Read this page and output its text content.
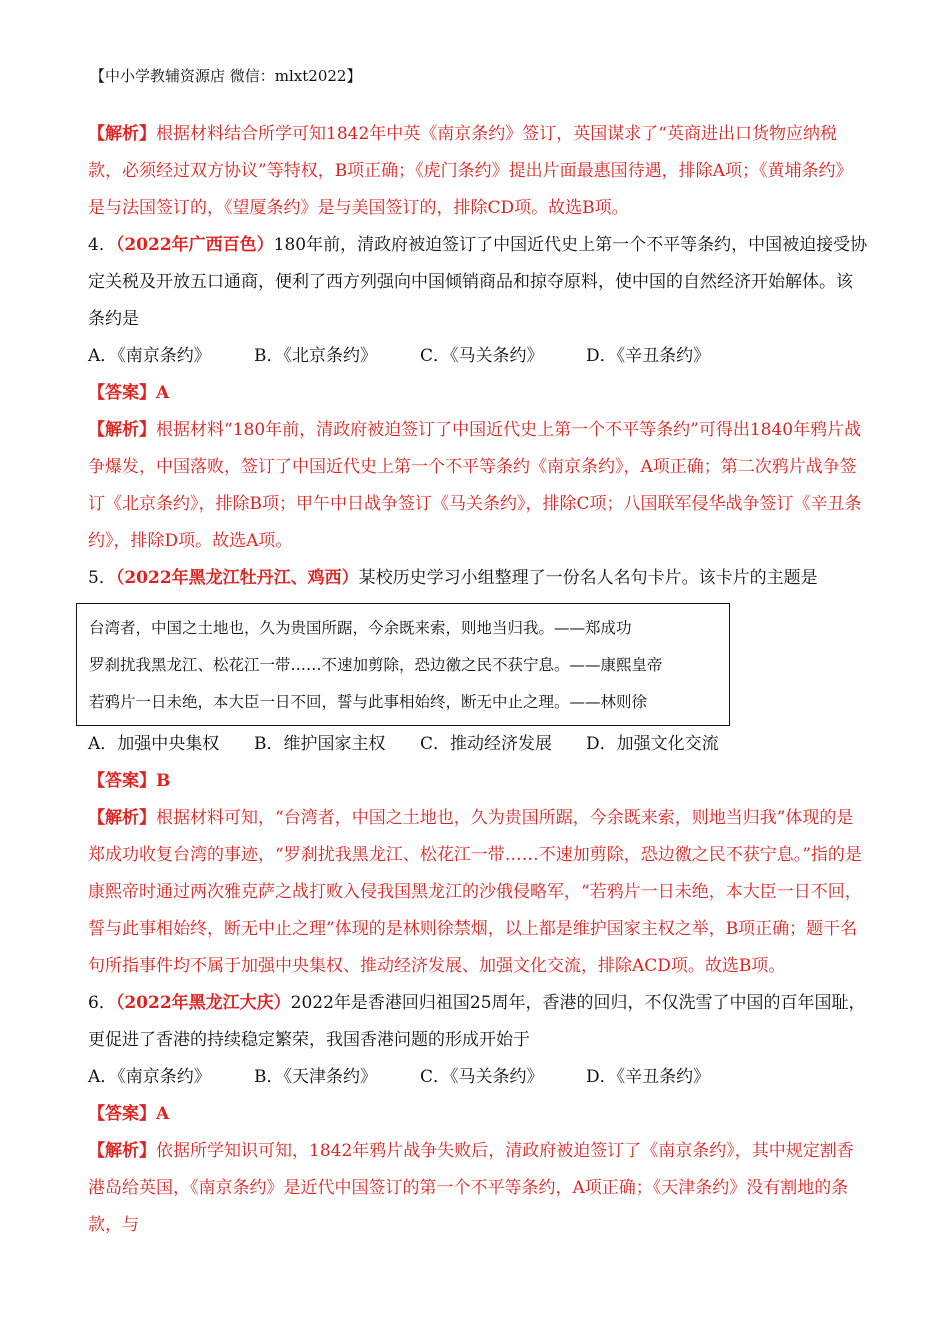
【中小学教辅资源店 微信：mlxt2022】

【解析】根据材料结合所学可知1842年中英《南京条约》签订，英国谋求了“英商进出口货物应纳税款，必须经过双方协议”等特权，B项正确；《虎门条约》提出片面最惠国待遇，排除A项；《黄埔条约》是与法国签订的，《望厦条约》是与美国签订的，排除CD项。故选B项。

4．（2022年广西百色）180年前，清政府被迫签订了中国近代史上第一个不平等条约，中国被迫接受协定关税及开放五口通商，便利了西方列强向中国倾销商品和掠夺原料，使中国的自然经济开始解体。该条约是

A．《南京条约》	B．《北京条约》	C．《马关条约》	D．《辛丑条约》

【答案】A

【解析】根据材料“180年前，清政府被迫签订了中国近代史上第一个不平等条约”可得出1840年鸦片战争爆发，中国落败，签订了中国近代史上第一个不平等条约《南京条约》，A项正确；第二次鸦片战争签订《北京条约》，排除B项；甲午中日战争签订《马关条约》，排除C项；八国联军侵华战争签订《辛丑条约》，排除D项。故选A项。

5．（2022年黑龙江牡丹江、鸡西）某校历史学习小组整理了一份名人名句卡片。该卡片的主题是

台湾者，中国之土地也，久为贵国所踞，今余既来索，则地当归我。——郑成功
罗刹扰我黑龙江、松花江一带……不速加剪除，恐边徼之民不获宁息。——康熙皇帝
若鸦片一日未绝，本大臣一日不回，誓与此事相始终，断无中止之理。——林则徐
A．加强中央集权	B．维护国家主权	C．推动经济发展	D．加强文化交流

【答案】B

【解析】根据材料可知，“台湾者，中国之土地也，久为贵国所踞，今余既来索，则地当归我”体现的是郑成功收复台湾的事迹，“罗刹扰我黑龙江、松花江一带……不速加剪除，恐边徼之民不获宁息。”指的是康熙帝时通过两次雅克萨之战打败入侵我国黑龙江的沙俄侵略军，“若鸦片一日未绝，本大臣一日不回，誓与此事相始终，断无中止之理”体现的是林则徐禁烟，以上都是维护国家主权之举，B项正确；题干名句所指事件均不属于加强中央集权、推动经济发展、加强文化交流，排除ACD项。故选B项。

6．（2022年黑龙江大庆）2022年是香港回归祖国25周年，香港的回归，不仅洗雪了中国的百年国耻，更促进了香港的持续稳定繁荣，我国香港问题的形成开始于

A．《南京条约》	B．《天津条约》	C．《马关条约》	D．《辛丑条约》

【答案】A

【解析】依据所学知识可知，1842年鸦片战争失败后，清政府被迫签订了《南京条约》，其中规定割香港岛给英国，《南京条约》是近代中国签订的第一个不平等条约，A项正确；《天津条约》没有割地的条款，与
